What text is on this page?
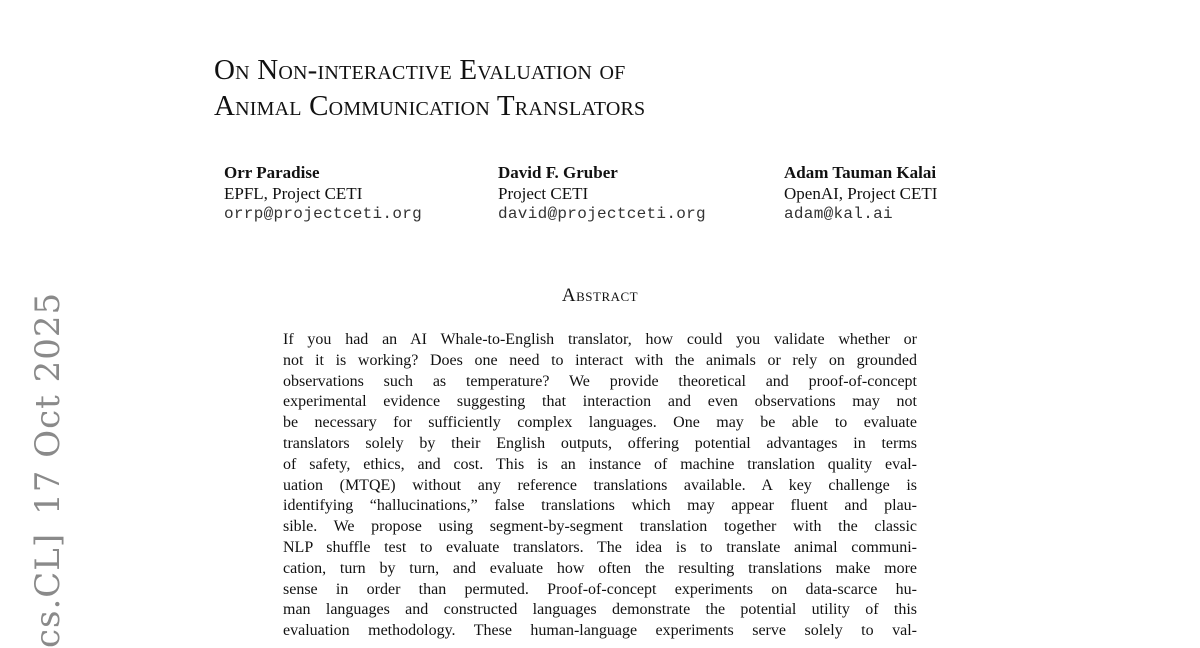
cs.CL]17 Oct 2025
On Non-interactive Evaluation of
Animal Communication Translators
Orr Paradise
EPFL, Project CETI
orrp@projectceti.org
David F. Gruber
Project CETI
david@projectceti.org
Adam Tauman Kalai
OpenAI, Project CETI
adam@kal.ai
Abstract
If you had an AI Whale-to-English translator, how could you validate whether or
not it is working? Does one need to interact with the animals or rely on grounded
observations such as temperature? We provide theoretical and proof-of-concept
experimental evidence suggesting that interaction and even observations may not
be necessary for sufficiently complex languages. One may be able to evaluate
translators solely by their English outputs, offering potential advantages in terms
of safety, ethics, and cost. This is an instance of machine translation quality eval-
uation (MTQE) without any reference translations available. A key challenge is
identifying “hallucinations,” false translations which may appear fluent and plau-
sible. We propose using segment-by-segment translation together with the classic
NLP shuffle test to evaluate translators. The idea is to translate animal communi-
cation, turn by turn, and evaluate how often the resulting translations make more
sense in order than permuted. Proof-of-concept experiments on data-scarce hu-
man languages and constructed languages demonstrate the potential utility of this
evaluation methodology. These human-language experiments serve solely to val-
